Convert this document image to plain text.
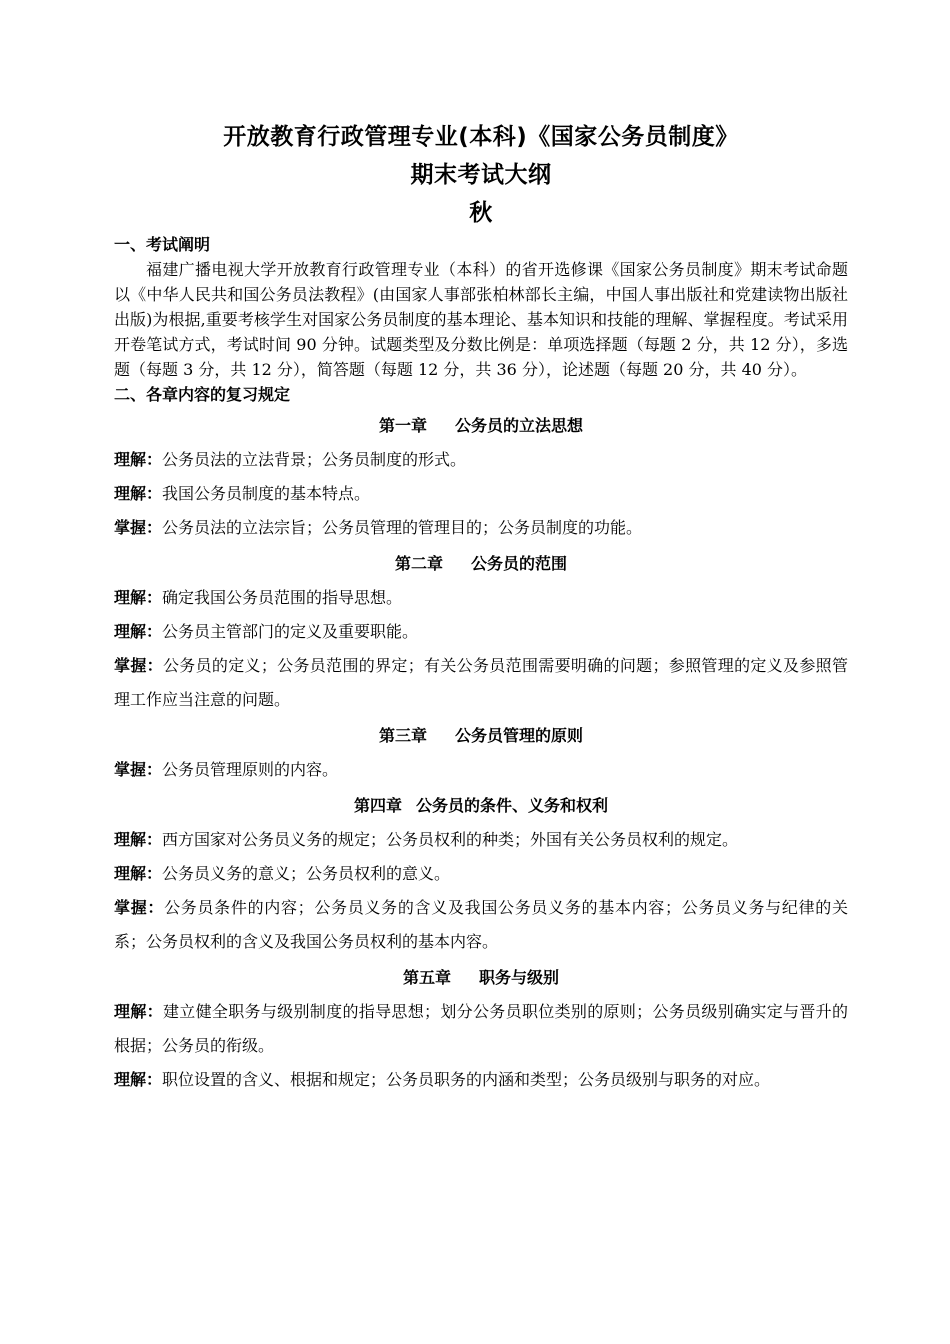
开放教育行政管理专业(本科)《国家公务员制度》

期末考试大纲

秋

一、考试阐明

福建广播电视大学开放教育行政管理专业（本科）的省开选修课《国家公务员制度》期末考试命题以《中华人民共和国公务员法教程》(由国家人事部张柏林部长主编，中国人事出版社和党建读物出版社出版)为根据,重要考核学生对国家公务员制度的基本理论、基本知识和技能的理解、掌握程度。考试采用开卷笔试方式，考试时间 90 分钟。试题类型及分数比例是：单项选择题（每题 2 分，共 12 分），多选题（每题 3 分，共 12 分），简答题（每题 12 分，共 36 分），论述题（每题 20 分，共 40 分）。

二、各章内容的复习规定

第一章 公务员的立法思想

理解：公务员法的立法背景；公务员制度的形式。

理解：我国公务员制度的基本特点。

掌握：公务员法的立法宗旨；公务员管理的管理目的；公务员制度的功能。

第二章 公务员的范围

理解：确定我国公务员范围的指导思想。

理解：公务员主管部门的定义及重要职能。

掌握：公务员的定义；公务员范围的界定；有关公务员范围需要明确的问题；参照管理的定义及参照管理工作应当注意的问题。

第三章 公务员管理的原则

掌握：公务员管理原则的内容。

第四章 公务员的条件、义务和权利

理解：西方国家对公务员义务的规定；公务员权利的种类；外国有关公务员权利的规定。

理解：公务员义务的意义；公务员权利的意义。

掌握：公务员条件的内容；公务员义务的含义及我国公务员义务的基本内容；公务员义务与纪律的关系；公务员权利的含义及我国公务员权利的基本内容。

第五章 职务与级别

理解：建立健全职务与级别制度的指导思想；划分公务员职位类别的原则；公务员级别确实定与晋升的根据；公务员的衔级。

理解：职位设置的含义、根据和规定；公务员职务的内涵和类型；公务员级别与职务的对应。
